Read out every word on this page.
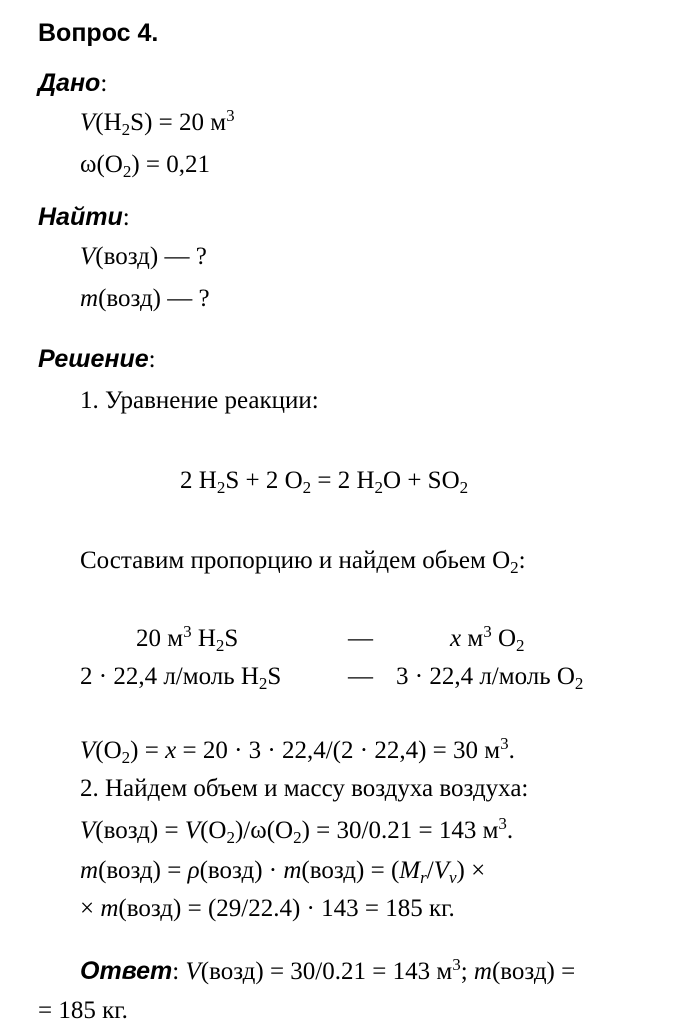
Вопрос 4.
Дано:
$V(H_2S) = 20$ $м^3$
$\omega(O_2) = 0,21$
Найти:
V(возд) — ?
m(возд) — ?
Решение:
1. Уравнение реакции:
2 $H_2S + 2$ $O_2 = 2$ $H_2O + SO_2$
Составим пропорцию и найдем обьем $O_2$:
20 $м^3$ $H_2S$	—	x $м^3$ $O_2$
2 · 22,4 л/моль $H_2S$	— 3 · 22,4 л/моль $O_2$
$V(O_2) = x = 20 \cdot 3 \cdot 22,4/(2 \cdot 22,4) = 30$ $м^3$.
2. Найдем объем и массу воздуха воздуха:
V(возд) = $V(O_2)/\omega(O_2) = 30/0.21 = 143$ $м^3$.
m(возд) = ρ(возд) · m(возд) = $(M_r/V_v)$ ×
× m(возд) = (29/22.4) · 143 = 185 кг.
Ответ: V(возд) = 30/0.21 = 143 $м^3$; m(возд) =
= 185 кг.
